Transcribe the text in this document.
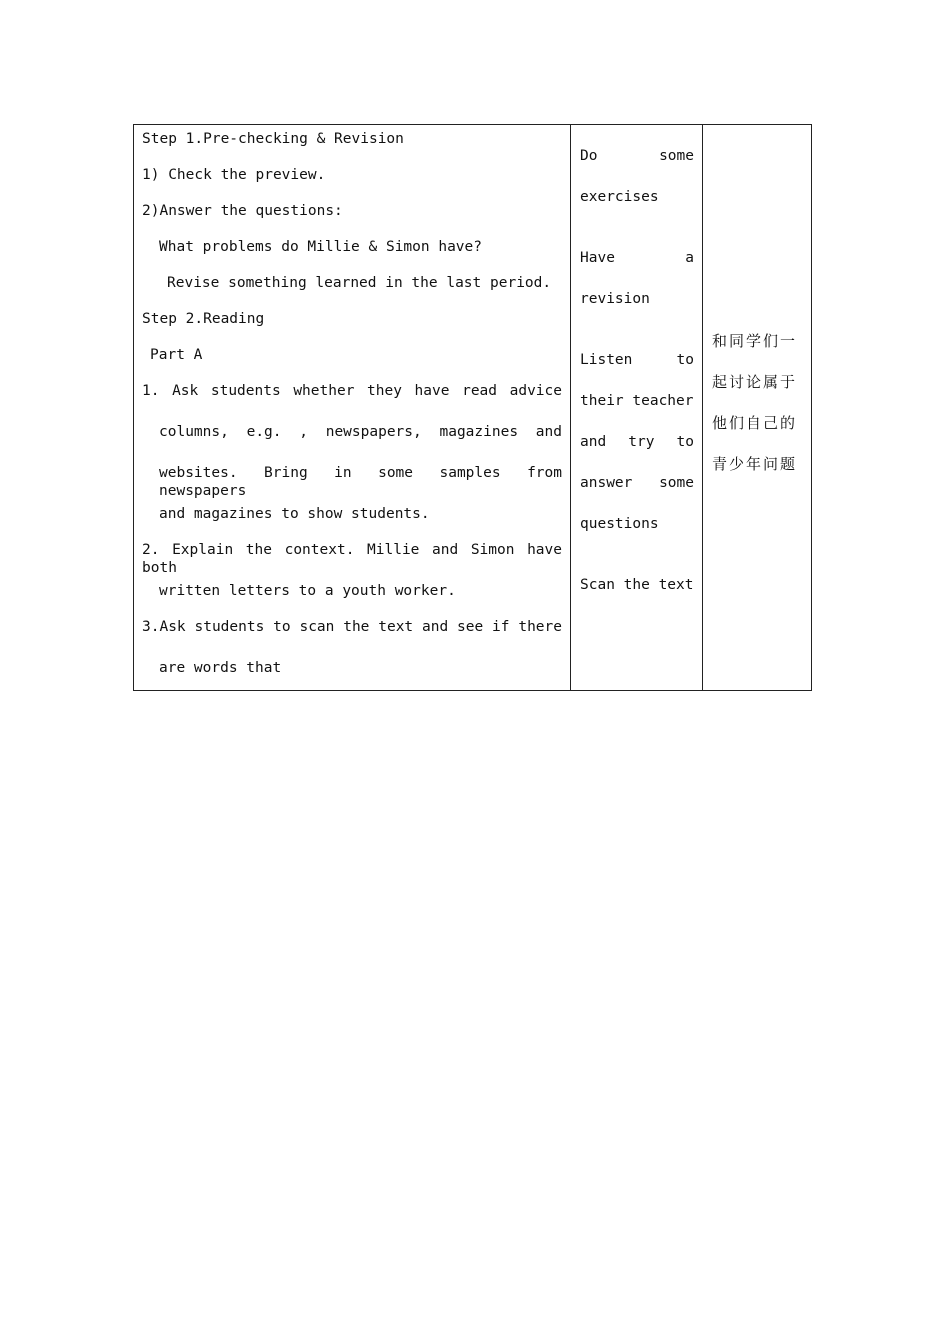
Step 1.Pre-checking & Revision
1) Check the preview.
2)Answer the questions:
What problems do Millie & Simon have?
Revise something learned in the last period.
Step 2.Reading
Part A
1. Ask students whether they have read advice
columns, e.g. , newspapers, magazines and
websites. Bring in some samples from newspapers
and magazines to show students.
2. Explain the context. Millie and Simon have both
written letters to a youth worker.
3.Ask students to scan the text and see if there
are words that
Do some
exercises
Have a
revision
Listen to
their teacher
and try to
answer some
questions
Scan the text
和同学们一
起讨论属于
他们自己的
青少年问题
